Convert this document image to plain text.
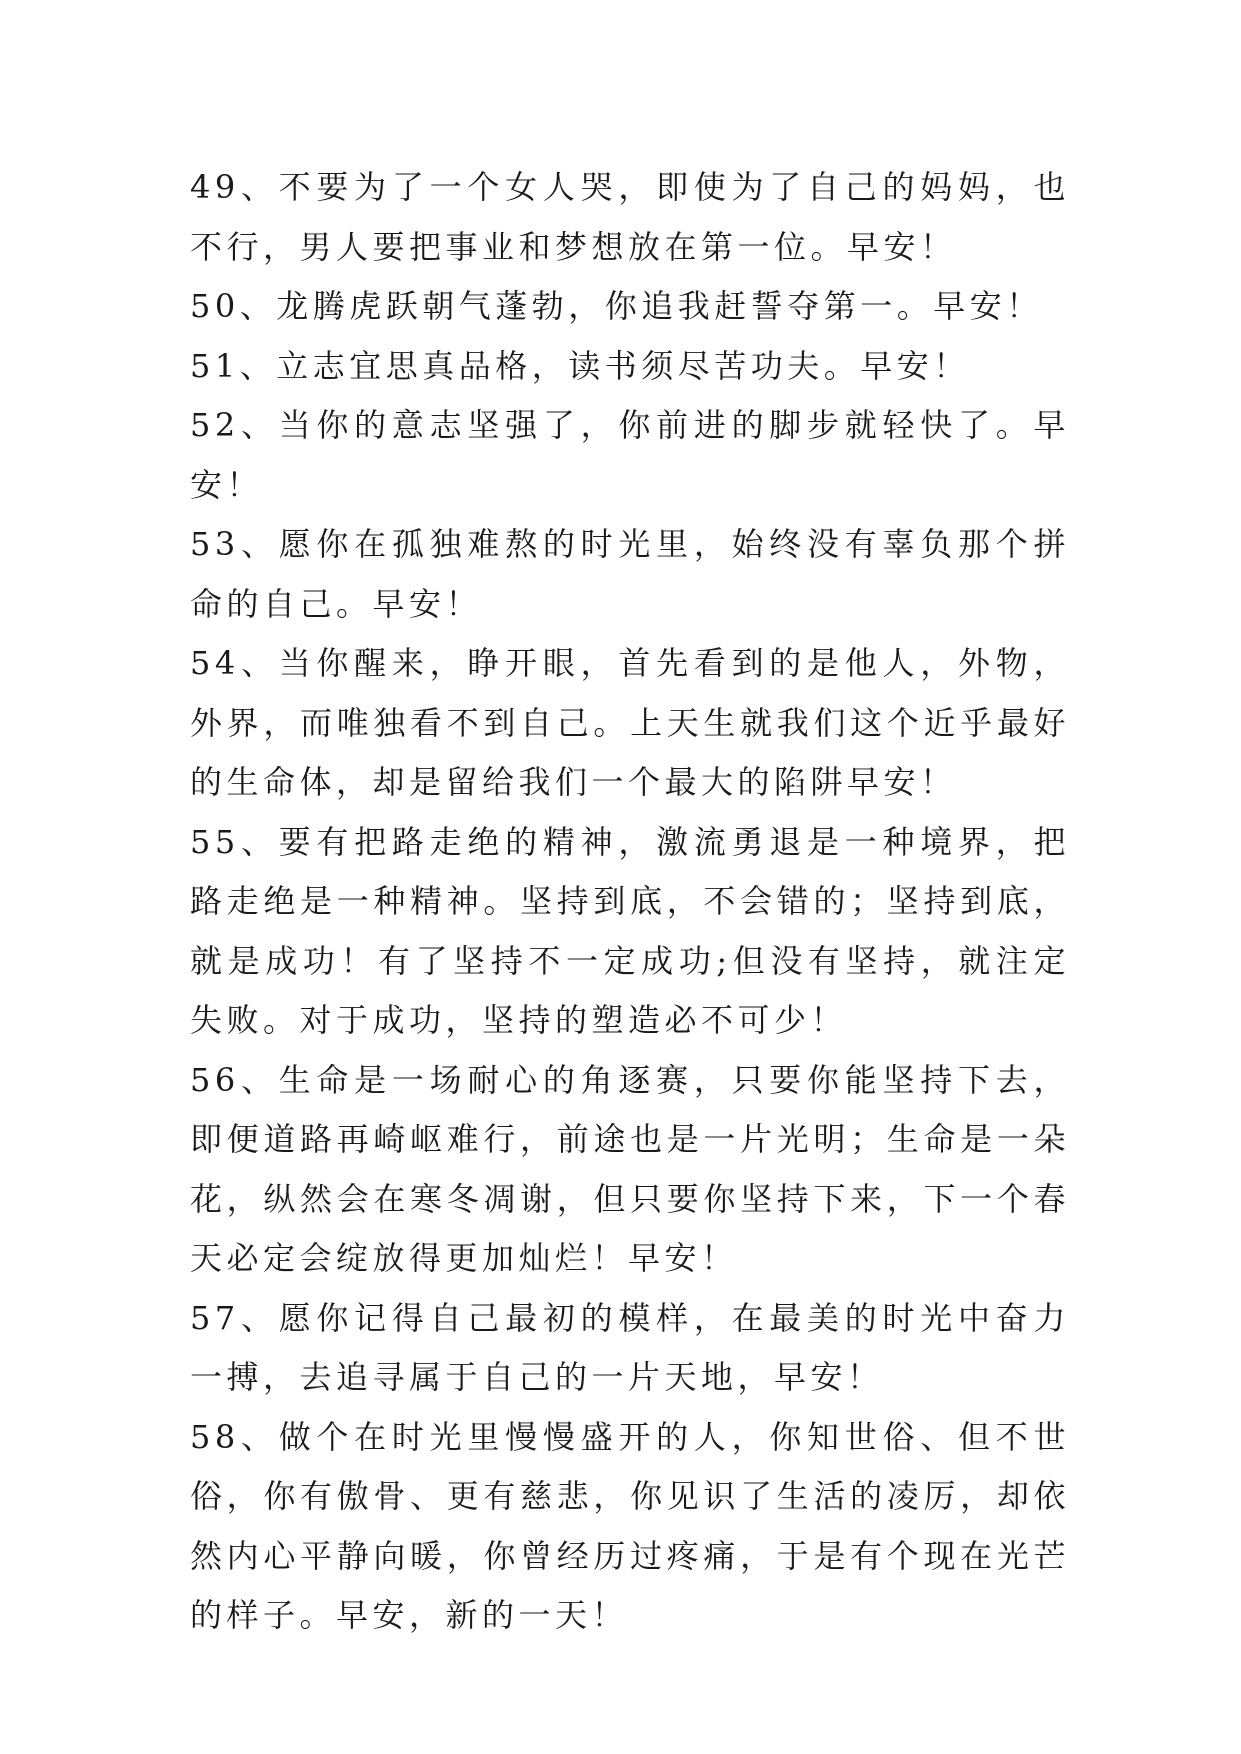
49、不要为了一个女人哭，即使为了自己的妈妈，也不行，男人要把事业和梦想放在第一位。早安！

50、龙腾虎跃朝气蓬勃，你追我赶誓夺第一。早安！

51、立志宜思真品格，读书须尽苦功夫。早安！

52、当你的意志坚强了，你前进的脚步就轻快了。早安！

53、愿你在孤独难熬的时光里，始终没有辜负那个拼命的自己。早安！

54、当你醒来，睁开眼，首先看到的是他人，外物，外界，而唯独看不到自己。上天生就我们这个近乎最好的生命体，却是留给我们一个最大的陷阱早安！

55、要有把路走绝的精神，激流勇退是一种境界，把路走绝是一种精神。坚持到底，不会错的；坚持到底，就是成功！有了坚持不一定成功;但没有坚持，就注定失败。对于成功，坚持的塑造必不可少！

56、生命是一场耐心的角逐赛，只要你能坚持下去，即便道路再崎岖难行，前途也是一片光明；生命是一朵花，纵然会在寒冬凋谢，但只要你坚持下来，下一个春天必定会绽放得更加灿烂！早安！

57、愿你记得自己最初的模样，在最美的时光中奋力一搏，去追寻属于自己的一片天地，早安！

58、做个在时光里慢慢盛开的人，你知世俗、但不世俗，你有傲骨、更有慈悲，你见识了生活的凌厉，却依然内心平静向暖，你曾经历过疼痛，于是有个现在光芒的样子。早安，新的一天！
